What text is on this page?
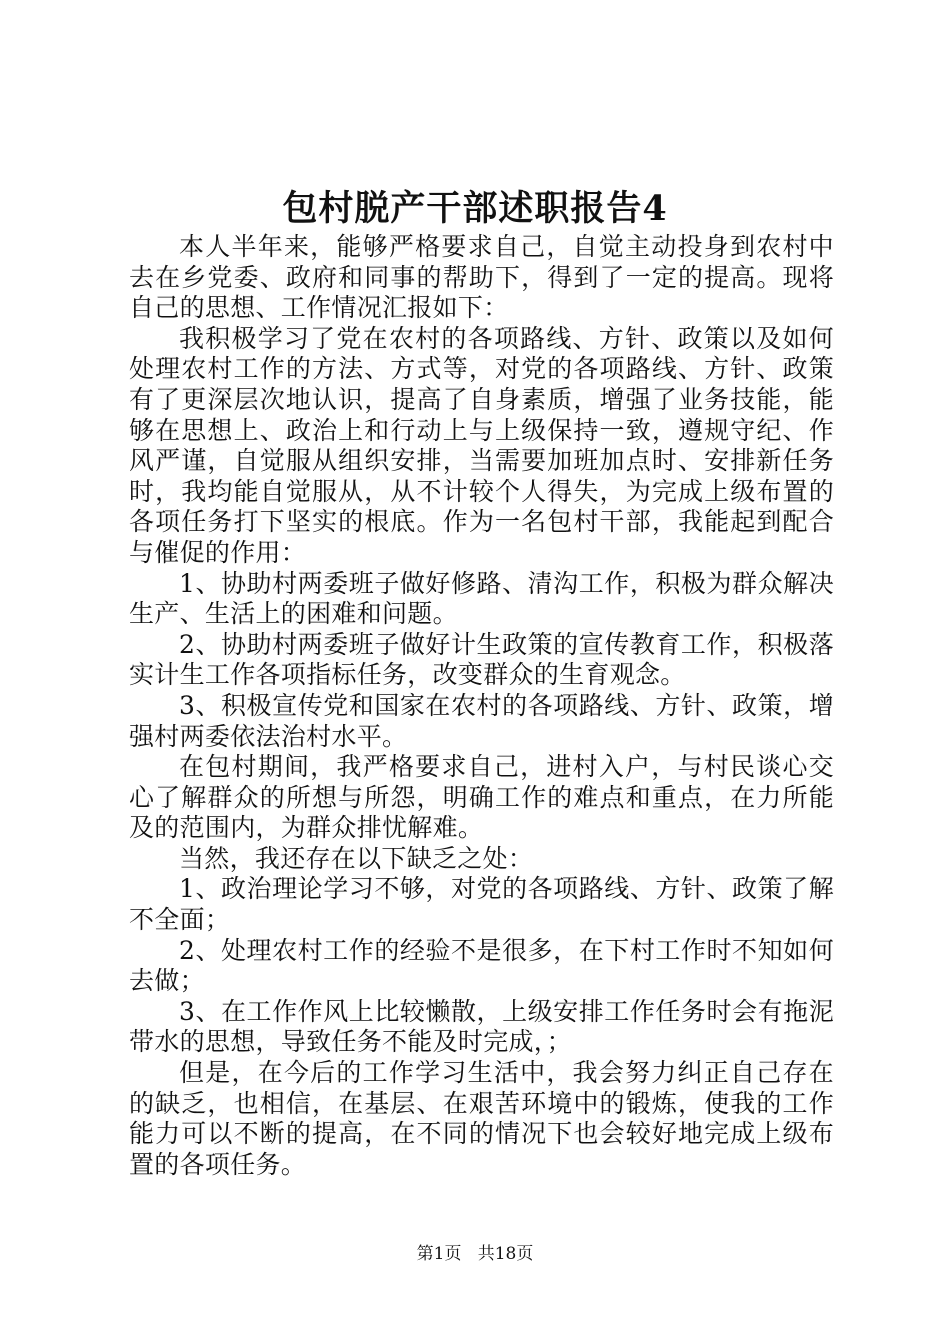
包村脱产干部述职报告4

本人半年来，能够严格要求自己，自觉主动投身到农村中去在乡党委、政府和同事的帮助下，得到了一定的提高。现将自己的思想、工作情况汇报如下：

我积极学习了党在农村的各项路线、方针、政策以及如何处理农村工作的方法、方式等，对党的各项路线、方针、政策有了更深层次地认识，提高了自身素质，增强了业务技能，能够在思想上、政治上和行动上与上级保持一致，遵规守纪、作风严谨，自觉服从组织安排，当需要加班加点时、安排新任务时，我均能自觉服从，从不计较个人得失，为完成上级布置的各项任务打下坚实的根底。作为一名包村干部，我能起到配合与催促的作用：

1、协助村两委班子做好修路、清沟工作，积极为群众解决生产、生活上的困难和问题。

2、协助村两委班子做好计生政策的宣传教育工作，积极落实计生工作各项指标任务，改变群众的生育观念。

3、积极宣传党和国家在农村的各项路线、方针、政策，增强村两委依法治村水平。

在包村期间，我严格要求自己，进村入户，与村民谈心交心了解群众的所想与所怨，明确工作的难点和重点，在力所能及的范围内，为群众排忧解难。

当然，我还存在以下缺乏之处：

1、政治理论学习不够，对党的各项路线、方针、政策了解不全面；

2、处理农村工作的经验不是很多，在下村工作时不知如何去做；

3、在工作作风上比较懒散，上级安排工作任务时会有拖泥带水的思想，导致任务不能及时完成，；

但是，在今后的工作学习生活中，我会努力纠正自己存在的缺乏，也相信，在基层、在艰苦环境中的锻炼，使我的工作能力可以不断的提高，在不同的情况下也会较好地完成上级布置的各项任务。

第1页 共18页
